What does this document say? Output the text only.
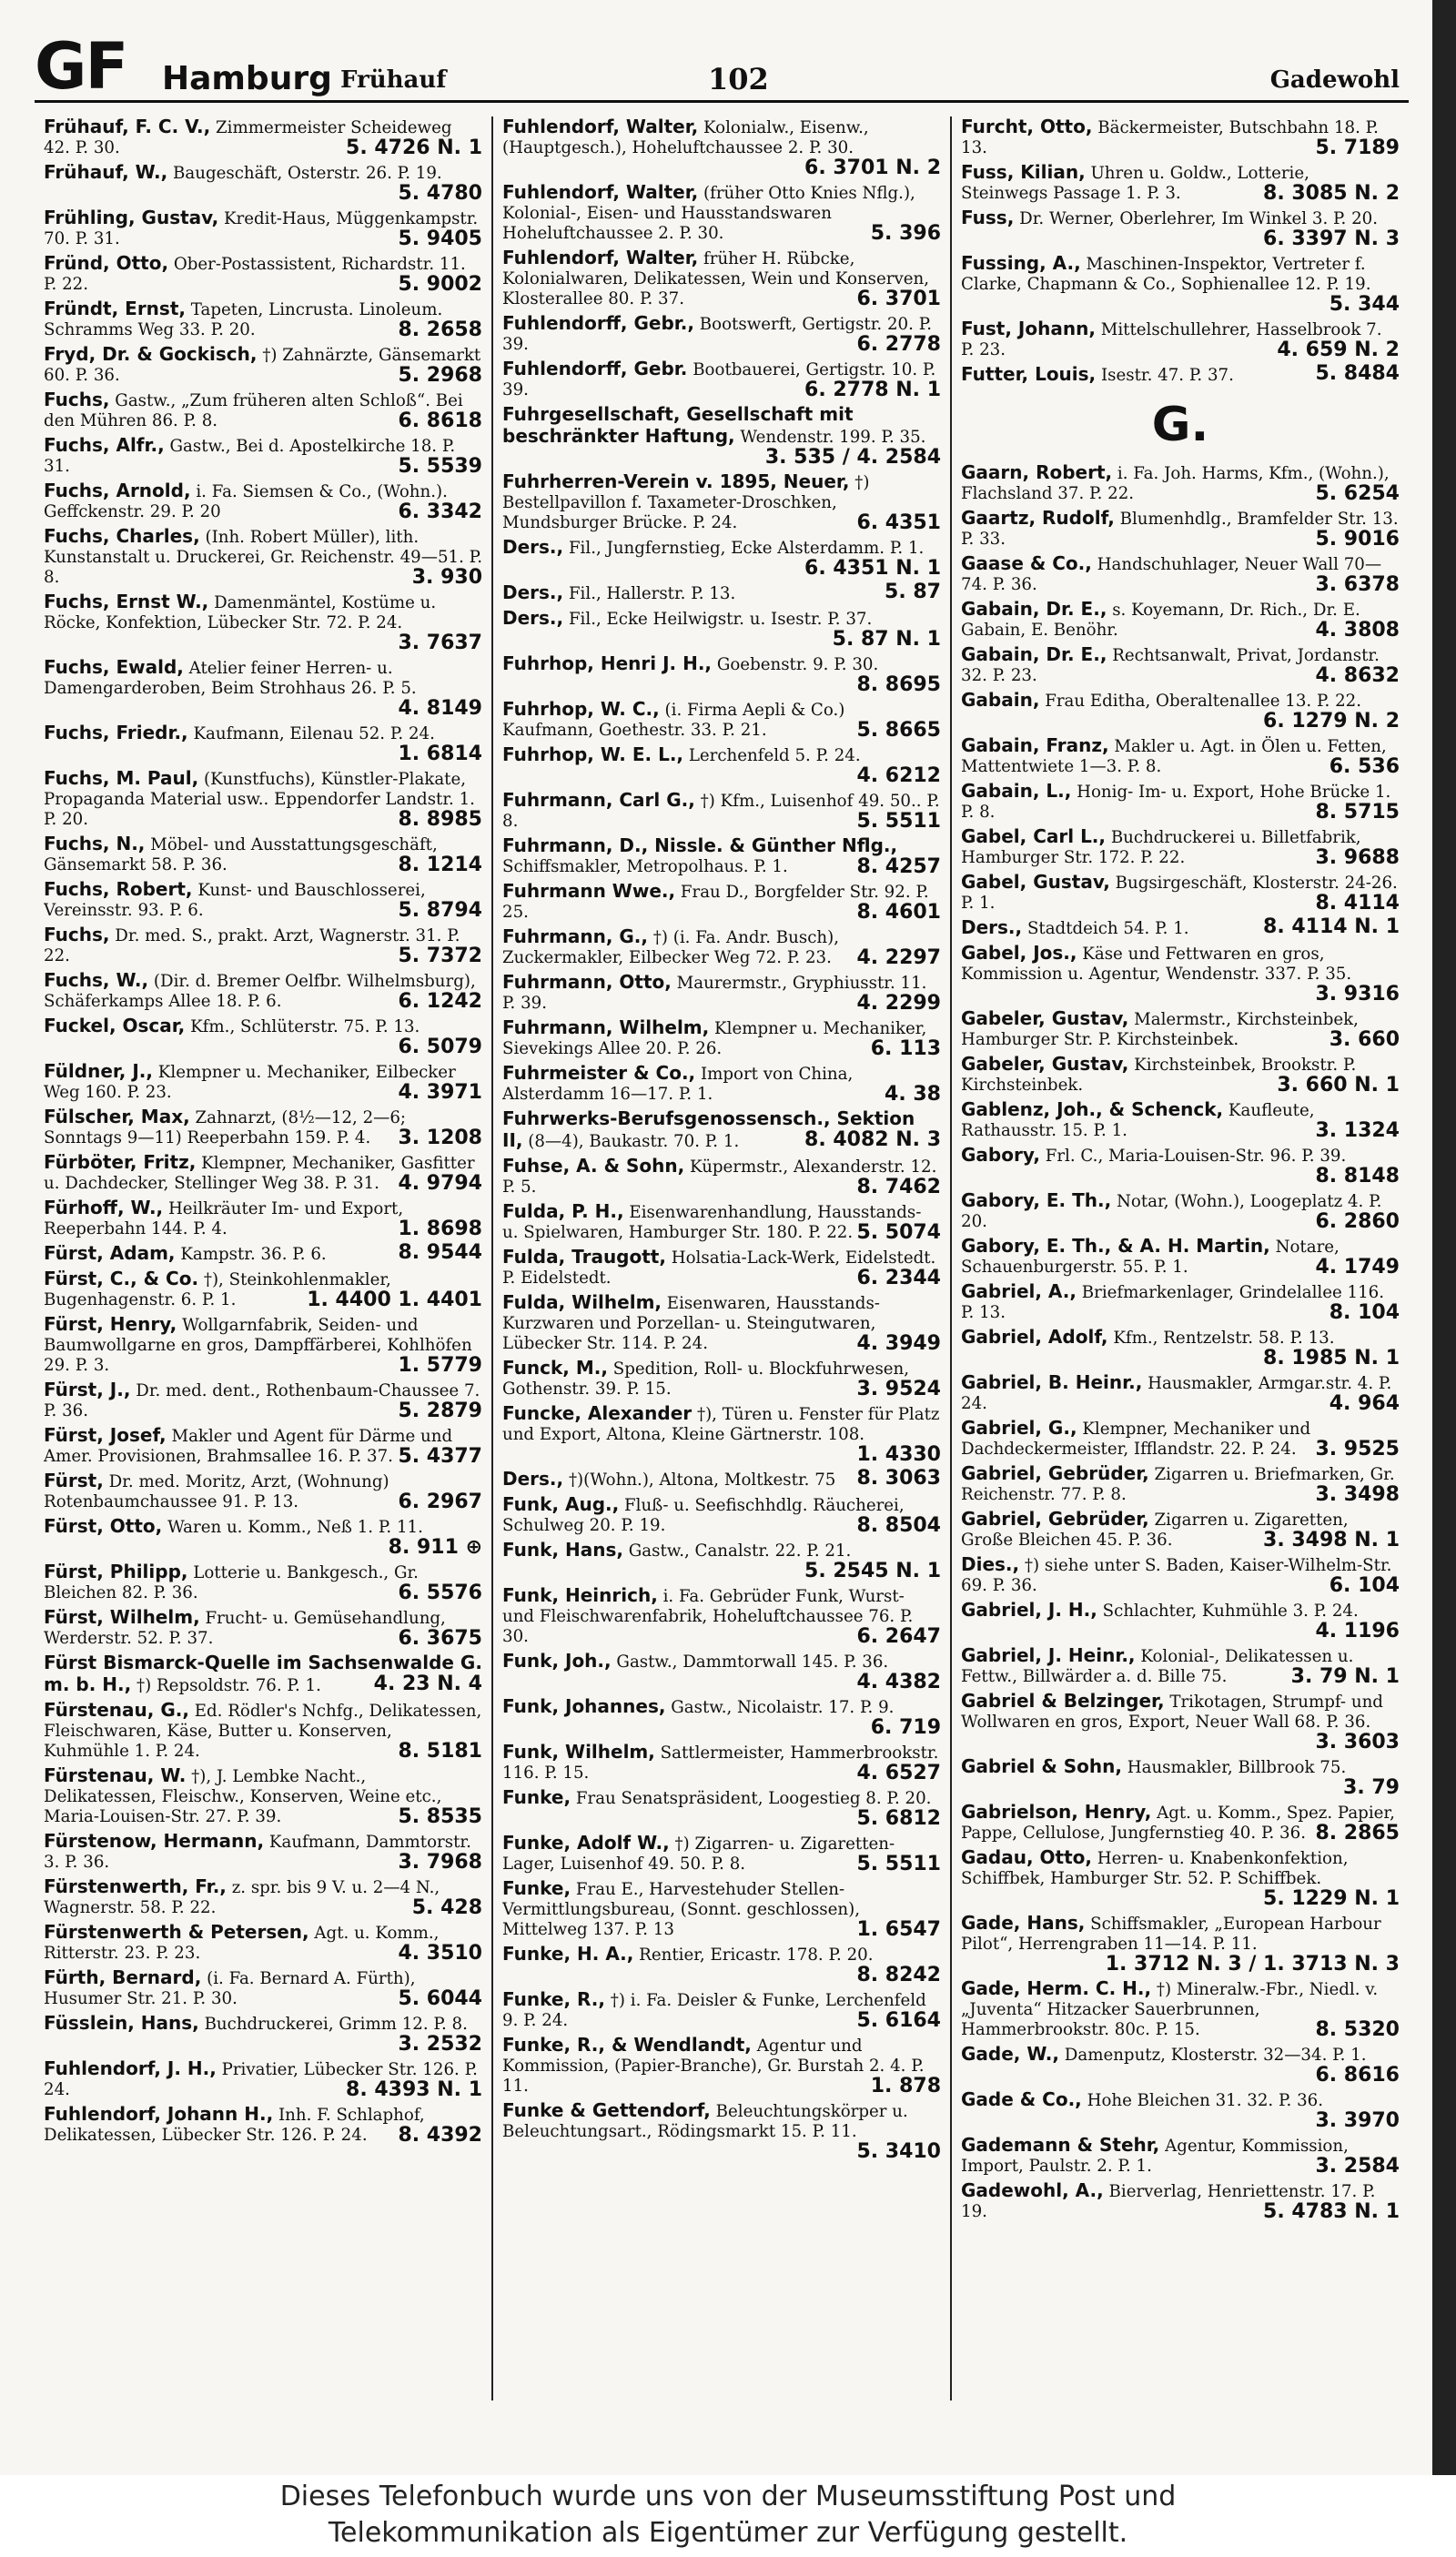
GF Hamburg Frühauf	102	Gadewohl
Frühauf, F. C. V., Zimmermeister Scheideweg 42. P. 30.	5. 4726 N. 1
Frühauf, W., Baugeschäft, Osterstr. 26. P. 19.
5. 4780
Frühling, Gustav, Kredit-Haus, Müggenkampstr. 70. P. 31.	5. 9405
Fründ, Otto, Ober-Postassistent, Richardstr. 11. P. 22.	5. 9002
Fründt, Ernst, Tapeten, Lincrusta. Linoleum. Schramms Weg 33. P. 20.	8. 2658
Fryd, Dr. & Gockisch, †) Zahnärzte, Gänsemarkt 60. P. 36.	5. 2968
Fuchs, Gastw., „Zum früheren alten Schloß“. Bei den Mühren 86. P. 8.	6. 8618
Fuchs, Alfr., Gastw., Bei d. Apostelkirche 18. P. 31.	5. 5539
Fuchs, Arnold, i. Fa. Siemsen & Co., (Wohn.). Geffckenstr. 29. P. 20	6. 3342
Fuchs, Charles, (Inh. Robert Müller), lith. Kunstanstalt u. Druckerei, Gr. Reichenstr. 49—51. P. 8.	3. 930
Fuchs, Ernst W., Damenmäntel, Kostüme u. Röcke, Konfektion, Lübecker Str. 72. P. 24.
3. 7637
Fuchs, Ewald, Atelier feiner Herren- u. Damengarderoben, Beim Strohhaus 26. P. 5.
4. 8149
Fuchs, Friedr., Kaufmann, Eilenau 52. P. 24.
1. 6814
Fuchs, M. Paul, (Kunstfuchs), Künstler-Plakate, Propaganda Material usw.. Eppendorfer Landstr. 1. P. 20.	8. 8985
Fuchs, N., Möbel- und Ausstattungsgeschäft, Gänsemarkt 58. P. 36.	8. 1214
Fuchs, Robert, Kunst- und Bauschlosserei, Vereinsstr. 93. P. 6.	5. 8794
Fuchs, Dr. med. S., prakt. Arzt, Wagnerstr. 31. P. 22.	5. 7372
Fuchs, W., (Dir. d. Bremer Oelfbr. Wilhelmsburg), Schäferkamps Allee 18. P. 6.	6. 1242
Fuckel, Oscar, Kfm., Schlüterstr. 75. P. 13.
6. 5079
Füldner, J., Klempner u. Mechaniker, Eilbecker Weg 160. P. 23.	4. 3971
Fülscher, Max, Zahnarzt, (8½—12, 2—6; Sonntags 9—11) Reeperbahn 159. P. 4. 3. 1208
Fürböter, Fritz, Klempner, Mechaniker, Gasfitter u. Dachdecker, Stellinger Weg 38. P. 31. 4. 9794
Fürhoff, W., Heilkräuter Im- und Export, Reeperbahn 144. P. 4.	1. 8698
Fürst, Adam, Kampstr. 36. P. 6.	8. 9544
Fürst, C., & Co. †), Steinkohlenmakler, Bugenhagenstr. 6. P. 1.	1. 4400 1. 4401
Fürst, Henry, Wollgarnfabrik, Seiden- und Baumwollgarne en gros, Dampffärberei, Kohlhöfen 29. P. 3.	1. 5779
Fürst, J., Dr. med. dent., Rothenbaum-Chaussee 7. P. 36.	5. 2879
Fürst, Josef, Makler und Agent für Därme und Amer. Provisionen, Brahmsallee 16. P. 37. 5. 4377
Fürst, Dr. med. Moritz, Arzt, (Wohnung) Rotenbaumchaussee 91. P. 13.	6. 2967
Fürst, Otto, Waren u. Komm., Neß 1. P. 11.
8. 911 ⊕
Fürst, Philipp, Lotterie u. Bankgesch., Gr. Bleichen 82. P. 36.	6. 5576
Fürst, Wilhelm, Frucht- u. Gemüsehandlung, Werderstr. 52. P. 37.	6. 3675
Fürst Bismarck-Quelle im Sachsenwalde G. m. b. H., †) Repsoldstr. 76. P. 1.	4. 23 N. 4
Fürstenau, G., Ed. Rödler's Nchfg., Delikatessen, Fleischwaren, Käse, Butter u. Konserven, Kuhmühle 1. P. 24.	8. 5181
Fürstenau, W. †), J. Lembke Nacht., Delikatessen, Fleischw., Konserven, Weine etc., Maria-Louisen-Str. 27. P. 39.	5. 8535
Fürstenow, Hermann, Kaufmann, Dammtorstr. 3. P. 36.	3. 7968
Fürstenwerth, Fr., z. spr. bis 9 V. u. 2—4 N., Wagnerstr. 58. P. 22.	5. 428
Fürstenwerth & Petersen, Agt. u. Komm., Ritterstr. 23. P. 23.	4. 3510
Fürth, Bernard, (i. Fa. Bernard A. Fürth), Husumer Str. 21. P. 30.	5. 6044
Füsslein, Hans, Buchdruckerei, Grimm 12. P. 8.
3. 2532
Fuhlendorf, J. H., Privatier, Lübecker Str. 126. P. 24.	8. 4393 N. 1
Fuhlendorf, Johann H., Inh. F. Schlaphof, Delikatessen, Lübecker Str. 126. P. 24. 8. 4392
Fuhlendorf, Walter, Kolonialw., Eisenw., (Hauptgesch.), Hoheluftchaussee 2. P. 30.
6. 3701 N. 2
Fuhlendorf, Walter, (früher Otto Knies Nflg.), Kolonial-, Eisen- und Hausstandswaren Hoheluftchaussee 2. P. 30.	5. 396
Fuhlendorf, Walter, früher H. Rübcke, Kolonialwaren, Delikatessen, Wein und Konserven, Klosterallee 80. P. 37.	6. 3701
Fuhlendorff, Gebr., Bootswerft, Gertigstr. 20. P. 39.	6. 2778
Fuhlendorff, Gebr. Bootbauerei, Gertigstr. 10. P. 39.	6. 2778 N. 1
Fuhrgesellschaft, Gesellschaft mit beschränkter Haftung, Wendenstr. 199. P. 35.
3. 535 / 4. 2584
Fuhrherren-Verein v. 1895, Neuer, †) Bestellpavillon f. Taxameter-Droschken, Mundsburger Brücke. P. 24.	6. 4351
Ders., Fil., Jungfernstieg, Ecke Alsterdamm. P. 1.
6. 4351 N. 1
Ders., Fil., Hallerstr. P. 13.	5. 87
Ders., Fil., Ecke Heilwigstr. u. Isestr. P. 37.
5. 87 N. 1
Fuhrhop, Henri J. H., Goebenstr. 9. P. 30.
8. 8695
Fuhrhop, W. C., (i. Firma Aepli & Co.) Kaufmann, Goethestr. 33. P. 21.	5. 8665
Fuhrhop, W. E. L., Lerchenfeld 5. P. 24.
4. 6212
Fuhrmann, Carl G., †) Kfm., Luisenhof 49. 50.. P. 8.	5. 5511
Fuhrmann, D., Nissle. & Günther Nflg., Schiffsmakler, Metropolhaus. P. 1.	8. 4257
Fuhrmann Wwe., Frau D., Borgfelder Str. 92. P. 25.	8. 4601
Fuhrmann, G., †) (i. Fa. Andr. Busch), Zuckermakler, Eilbecker Weg 72. P. 23. 4. 2297
Fuhrmann, Otto, Maurermstr., Gryphiusstr. 11. P. 39.	4. 2299
Fuhrmann, Wilhelm, Klempner u. Mechaniker, Sievekings Allee 20. P. 26.	6. 113
Fuhrmeister & Co., Import von China, Alsterdamm 16—17. P. 1.	4. 38
Fuhrwerks-Berufsgenossensch., Sektion II, (8—4), Baukastr. 70. P. 1.	8. 4082 N. 3
Fuhse, A. & Sohn, Küpermstr., Alexanderstr. 12. P. 5.	8. 7462
Fulda, P. H., Eisenwarenhandlung, Hausstands- u. Spielwaren, Hamburger Str. 180. P. 22. 5. 5074
Fulda, Traugott, Holsatia-Lack-Werk, Eidelstedt. P. Eidelstedt.	6. 2344
Fulda, Wilhelm, Eisenwaren, Hausstands-Kurzwaren und Porzellan- u. Steingutwaren, Lübecker Str. 114. P. 24.	4. 3949
Funck, M., Spedition, Roll- u. Blockfuhrwesen, Gothenstr. 39. P. 15.	3. 9524
Funcke, Alexander †), Türen u. Fenster für Platz und Export, Altona, Kleine Gärtnerstr. 108.
1. 4330
Ders., †)(Wohn.), Altona, Moltkestr. 75 8. 3063
Funk, Aug., Fluß- u. Seefischhdlg. Räucherei, Schulweg 20. P. 19.	8. 8504
Funk, Hans, Gastw., Canalstr. 22. P. 21.
5. 2545 N. 1
Funk, Heinrich, i. Fa. Gebrüder Funk, Wurst- und Fleischwarenfabrik, Hoheluftchaussee 76. P. 30.	6. 2647
Funk, Joh., Gastw., Dammtorwall 145. P. 36.
4. 4382
Funk, Johannes, Gastw., Nicolaistr. 17. P. 9.
6. 719
Funk, Wilhelm, Sattlermeister, Hammerbrookstr. 116. P. 15.	4. 6527
Funke, Frau Senatspräsident, Loogestieg 8. P. 20.
5. 6812
Funke, Adolf W., †) Zigarren- u. Zigaretten-Lager, Luisenhof 49. 50. P. 8.	5. 5511
Funke, Frau E., Harvestehuder Stellen-Vermittlungsbureau, (Sonnt. geschlossen), Mittelweg 137. P. 13	1. 6547
Funke, H. A., Rentier, Ericastr. 178. P. 20.
8. 8242
Funke, R., †) i. Fa. Deisler & Funke, Lerchenfeld 9. P. 24.	5. 6164
Funke, R., & Wendlandt, Agentur und Kommission, (Papier-Branche), Gr. Burstah 2. 4. P. 11.	1. 878
Funke & Gettendorf, Beleuchtungskörper u. Beleuchtungsart., Rödingsmarkt 15. P. 11.
5. 3410
Furcht, Otto, Bäckermeister, Butschbahn 18. P. 13.	5. 7189
Fuss, Kilian, Uhren u. Goldw., Lotterie, Steinwegs Passage 1. P. 3.	8. 3085 N. 2
Fuss, Dr. Werner, Oberlehrer, Im Winkel 3. P. 20.
6. 3397 N. 3
Fussing, A., Maschinen-Inspektor, Vertreter f. Clarke, Chapmann & Co., Sophienallee 12. P. 19.
5. 344
Fust, Johann, Mittelschullehrer, Hasselbrook 7. P. 23.	4. 659 N. 2
Futter, Louis, Isestr. 47. P. 37.	5. 8484
G.
Gaarn, Robert, i. Fa. Joh. Harms, Kfm., (Wohn.), Flachsland 37. P. 22.	5. 6254
Gaartz, Rudolf, Blumenhdlg., Bramfelder Str. 13. P. 33.	5. 9016
Gaase & Co., Handschuhlager, Neuer Wall 70—74. P. 36.	3. 6378
Gabain, Dr. E., s. Koyemann, Dr. Rich., Dr. E. Gabain, E. Benöhr.	4. 3808
Gabain, Dr. E., Rechtsanwalt, Privat, Jordanstr. 32. P. 23.	4. 8632
Gabain, Frau Editha, Oberaltenallee 13. P. 22.
6. 1279 N. 2
Gabain, Franz, Makler u. Agt. in Ölen u. Fetten, Mattentwiete 1—3. P. 8.	6. 536
Gabain, L., Honig- Im- u. Export, Hohe Brücke 1. P. 8.	8. 5715
Gabel, Carl L., Buchdruckerei u. Billetfabrik, Hamburger Str. 172. P. 22.	3. 9688
Gabel, Gustav, Bugsirgeschäft, Klosterstr. 24-26. P. 1.	8. 4114
Ders., Stadtdeich 54. P. 1.	8. 4114 N. 1
Gabel, Jos., Käse und Fettwaren en gros, Kommission u. Agentur, Wendenstr. 337. P. 35.
3. 9316
Gabeler, Gustav, Malermstr., Kirchsteinbek, Hamburger Str. P. Kirchsteinbek.	3. 660
Gabeler, Gustav, Kirchsteinbek, Brookstr. P. Kirchsteinbek.	3. 660 N. 1
Gablenz, Joh., & Schenck, Kaufleute, Rathausstr. 15. P. 1.	3. 1324
Gabory, Frl. C., Maria-Louisen-Str. 96. P. 39.
8. 8148
Gabory, E. Th., Notar, (Wohn.), Loogeplatz 4. P. 20.	6. 2860
Gabory, E. Th., & A. H. Martin, Notare, Schauenburgerstr. 55. P. 1.	4. 1749
Gabriel, A., Briefmarkenlager, Grindelallee 116. P. 13.	8. 104
Gabriel, Adolf, Kfm., Rentzelstr. 58. P. 13.
8. 1985 N. 1
Gabriel, B. Heinr., Hausmakler, Armgar.str. 4. P. 24.	4. 964
Gabriel, G., Klempner, Mechaniker und Dachdeckermeister, Ifflandstr. 22. P. 24. 3. 9525
Gabriel, Gebrüder, Zigarren u. Briefmarken, Gr. Reichenstr. 77. P. 8.	3. 3498
Gabriel, Gebrüder, Zigarren u. Zigaretten, Große Bleichen 45. P. 36.	3. 3498 N. 1
Dies., †) siehe unter S. Baden, Kaiser-Wilhelm-Str. 69. P. 36.	6. 104
Gabriel, J. H., Schlachter, Kuhmühle 3. P. 24.
4. 1196
Gabriel, J. Heinr., Kolonial-, Delikatessen u. Fettw., Billwärder a. d. Bille 75.	3. 79 N. 1
Gabriel & Belzinger, Trikotagen, Strumpf- und Wollwaren en gros, Export, Neuer Wall 68. P. 36.
3. 3603
Gabriel & Sohn, Hausmakler, Billbrook 75.
3. 79
Gabrielson, Henry, Agt. u. Komm., Spez. Papier, Pappe, Cellulose, Jungfernstieg 40. P. 36. 8. 2865
Gadau, Otto, Herren- u. Knabenkonfektion, Schiffbek, Hamburger Str. 52. P. Schiffbek.
5. 1229 N. 1
Gade, Hans, Schiffsmakler, „European Harbour Pilot“, Herrengraben 11—14. P. 11.
1. 3712 N. 3 / 1. 3713 N. 3
Gade, Herm. C. H., †) Mineralw.-Fbr., Niedl. v. „Juventa“ Hitzacker Sauerbrunnen, Hammerbrookstr. 80c. P. 15.	8. 5320
Gade, W., Damenputz, Klosterstr. 32—34. P. 1.
6. 8616
Gade & Co., Hohe Bleichen 31. 32. P. 36.
3. 3970
Gademann & Stehr, Agentur, Kommission, Import, Paulstr. 2. P. 1.	3. 2584
Gadewohl, A., Bierverlag, Henriettenstr. 17. P. 19.	5. 4783 N. 1
Dieses Telefonbuch wurde uns von der Museumsstiftung Post und
Telekommunikation als Eigentümer zur Verfügung gestellt.
